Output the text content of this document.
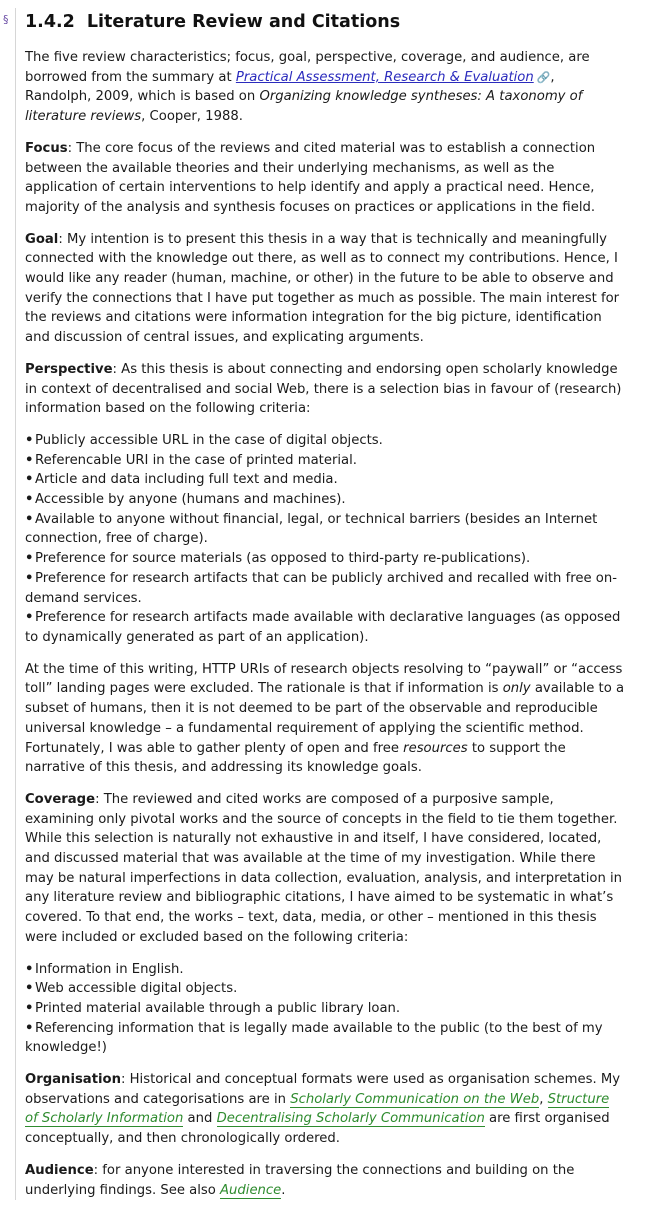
§ 1.4.2 Literature Review and Citations

The five review characteristics; focus, goal, perspective, coverage, and audience, are borrowed from the summary at Practical Assessment, Research & Evaluation 🔗, Randolph, 2009, which is based on Organizing knowledge syntheses: A taxonomy of literature reviews, Cooper, 1988.

Focus: The core focus of the reviews and cited material was to establish a connection between the available theories and their underlying mechanisms, as well as the application of certain interventions to help identify and apply a practical need. Hence, majority of the analysis and synthesis focuses on practices or applications in the field.

Goal: My intention is to present this thesis in a way that is technically and meaningfully connected with the knowledge out there, as well as to connect my contributions. Hence, I would like any reader (human, machine, or other) in the future to be able to observe and verify the connections that I have put together as much as possible. The main interest for the reviews and citations were information integration for the big picture, identification and discussion of central issues, and explicating arguments.

Perspective: As this thesis is about connecting and endorsing open scholarly knowledge in context of decentralised and social Web, there is a selection bias in favour of (research) information based on the following criteria:

• Publicly accessible URL in the case of digital objects.
• Referencable URI in the case of printed material.
• Article and data including full text and media.
• Accessible by anyone (humans and machines).
• Available to anyone without financial, legal, or technical barriers (besides an Internet connection, free of charge).
• Preference for source materials (as opposed to third-party re-publications).
• Preference for research artifacts that can be publicly archived and recalled with free on-demand services.
• Preference for research artifacts made available with declarative languages (as opposed to dynamically generated as part of an application).

At the time of this writing, HTTP URIs of research objects resolving to “paywall” or “access toll” landing pages were excluded. The rationale is that if information is only available to a subset of humans, then it is not deemed to be part of the observable and reproducible universal knowledge – a fundamental requirement of applying the scientific method. Fortunately, I was able to gather plenty of open and free resources to support the narrative of this thesis, and addressing its knowledge goals.

Coverage: The reviewed and cited works are composed of a purposive sample, examining only pivotal works and the source of concepts in the field to tie them together. While this selection is naturally not exhaustive in and itself, I have considered, located, and discussed material that was available at the time of my investigation. While there may be natural imperfections in data collection, evaluation, analysis, and interpretation in any literature review and bibliographic citations, I have aimed to be systematic in what’s covered. To that end, the works – text, data, media, or other – mentioned in this thesis were included or excluded based on the following criteria:

• Information in English.
• Web accessible digital objects.
• Printed material available through a public library loan.
• Referencing information that is legally made available to the public (to the best of my knowledge!)

Organisation: Historical and conceptual formats were used as organisation schemes. My observations and categorisations are in Scholarly Communication on the Web, Structure of Scholarly Information and Decentralising Scholarly Communication are first organised conceptually, and then chronologically ordered.

Audience: for anyone interested in traversing the connections and building on the underlying findings. See also Audience.
